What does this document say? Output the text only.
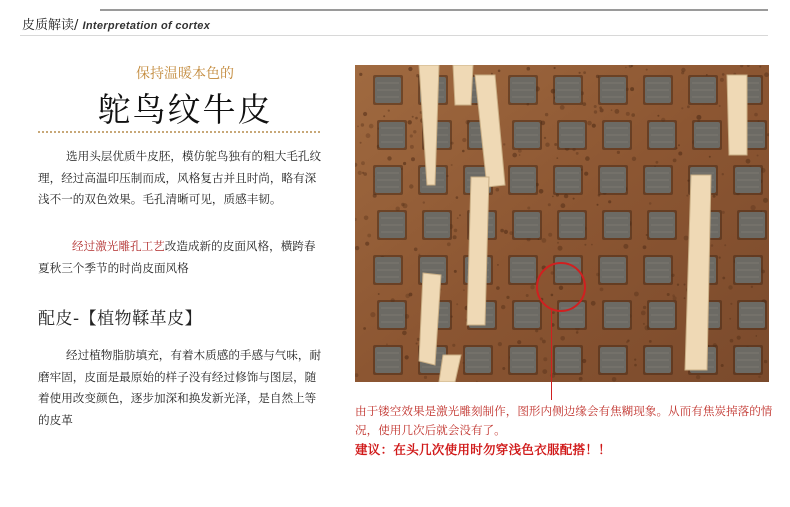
皮质解读/ Interpretation of cortex
保持温暖本色的
鸵鸟纹牛皮
选用头层优质牛皮胚，模仿鸵鸟独有的粗大毛孔纹理，经过高温印压制而成，风格复古并且时尚，略有深浅不一的双色效果。毛孔清晰可见，质感丰韧。
经过激光雕孔工艺改造成新的皮面风格，横跨春夏秋三个季节的时尚皮面风格
配皮-【植物鞣革皮】
经过植物脂肪填充，有着木质感的手感与气味，耐磨牢固，皮面是最原始的样子没有经过修饰与图层，随着使用改变颜色，逐步加深和换发新光泽，是自然上等的皮革
由于镂空效果是激光雕刻制作，图形内侧边缘会有焦糊现象。从而有焦炭掉落的情况，使用几次后就会没有了。
建议：在头几次使用时勿穿浅色衣服配搭！！
